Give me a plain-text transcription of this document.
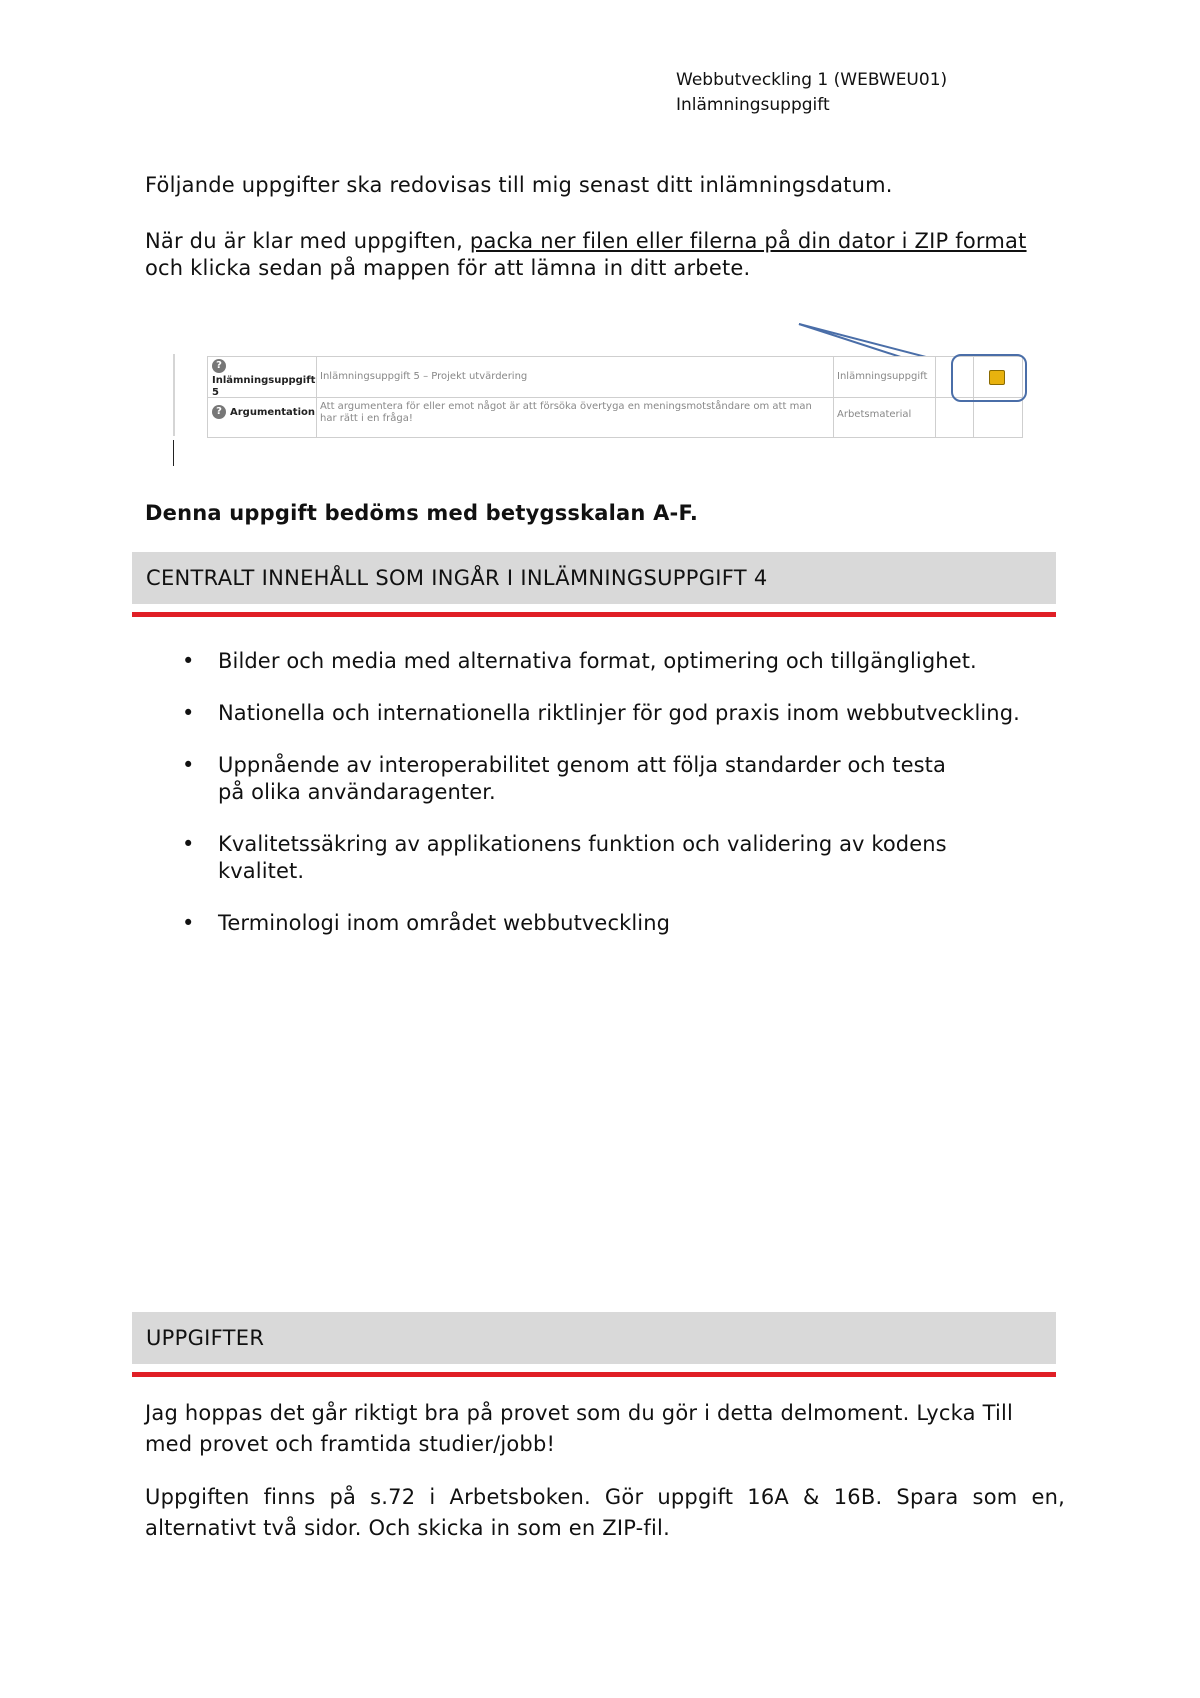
Webbutveckling 1 (WEBWEU01)
Inlämningsuppgift
Följande uppgifter ska redovisas till mig senast ditt inlämningsdatum.
När du är klar med uppgiften, packa ner filen eller filerna på din dator i ZIP format och klicka sedan på mappen för att lämna in ditt arbete.
?
Inlämningsuppgift 5
Inlämningsuppgift 5 – Projekt utvärdering	Inlämningsuppgift
? Argumentation
Att argumentera för eller emot något är att försöka övertyga en meningsmotståndare om att man har rätt i en fråga!	Arbetsmaterial
Denna uppgift bedöms med betygsskalan A-F.
CENTRALT INNEHÅLL SOM INGÅR I INLÄMNINGSUPPGIFT 4
• Bilder och media med alternativa format, optimering och tillgänglighet.
• Nationella och internationella riktlinjer för god praxis inom webbutveckling.
• Uppnående av interoperabilitet genom att följa standarder och testa på olika användaragenter.
• Kvalitetssäkring av applikationens funktion och validering av kodens kvalitet.
• Terminologi inom området webbutveckling
UPPGIFTER
Jag hoppas det går riktigt bra på provet som du gör i detta delmoment. Lycka Till med provet och framtida studier/jobb!
Uppgiften finns på s.72 i Arbetsboken. Gör uppgift 16A & 16B. Spara som en, alternativt två sidor. Och skicka in som en ZIP-fil.
